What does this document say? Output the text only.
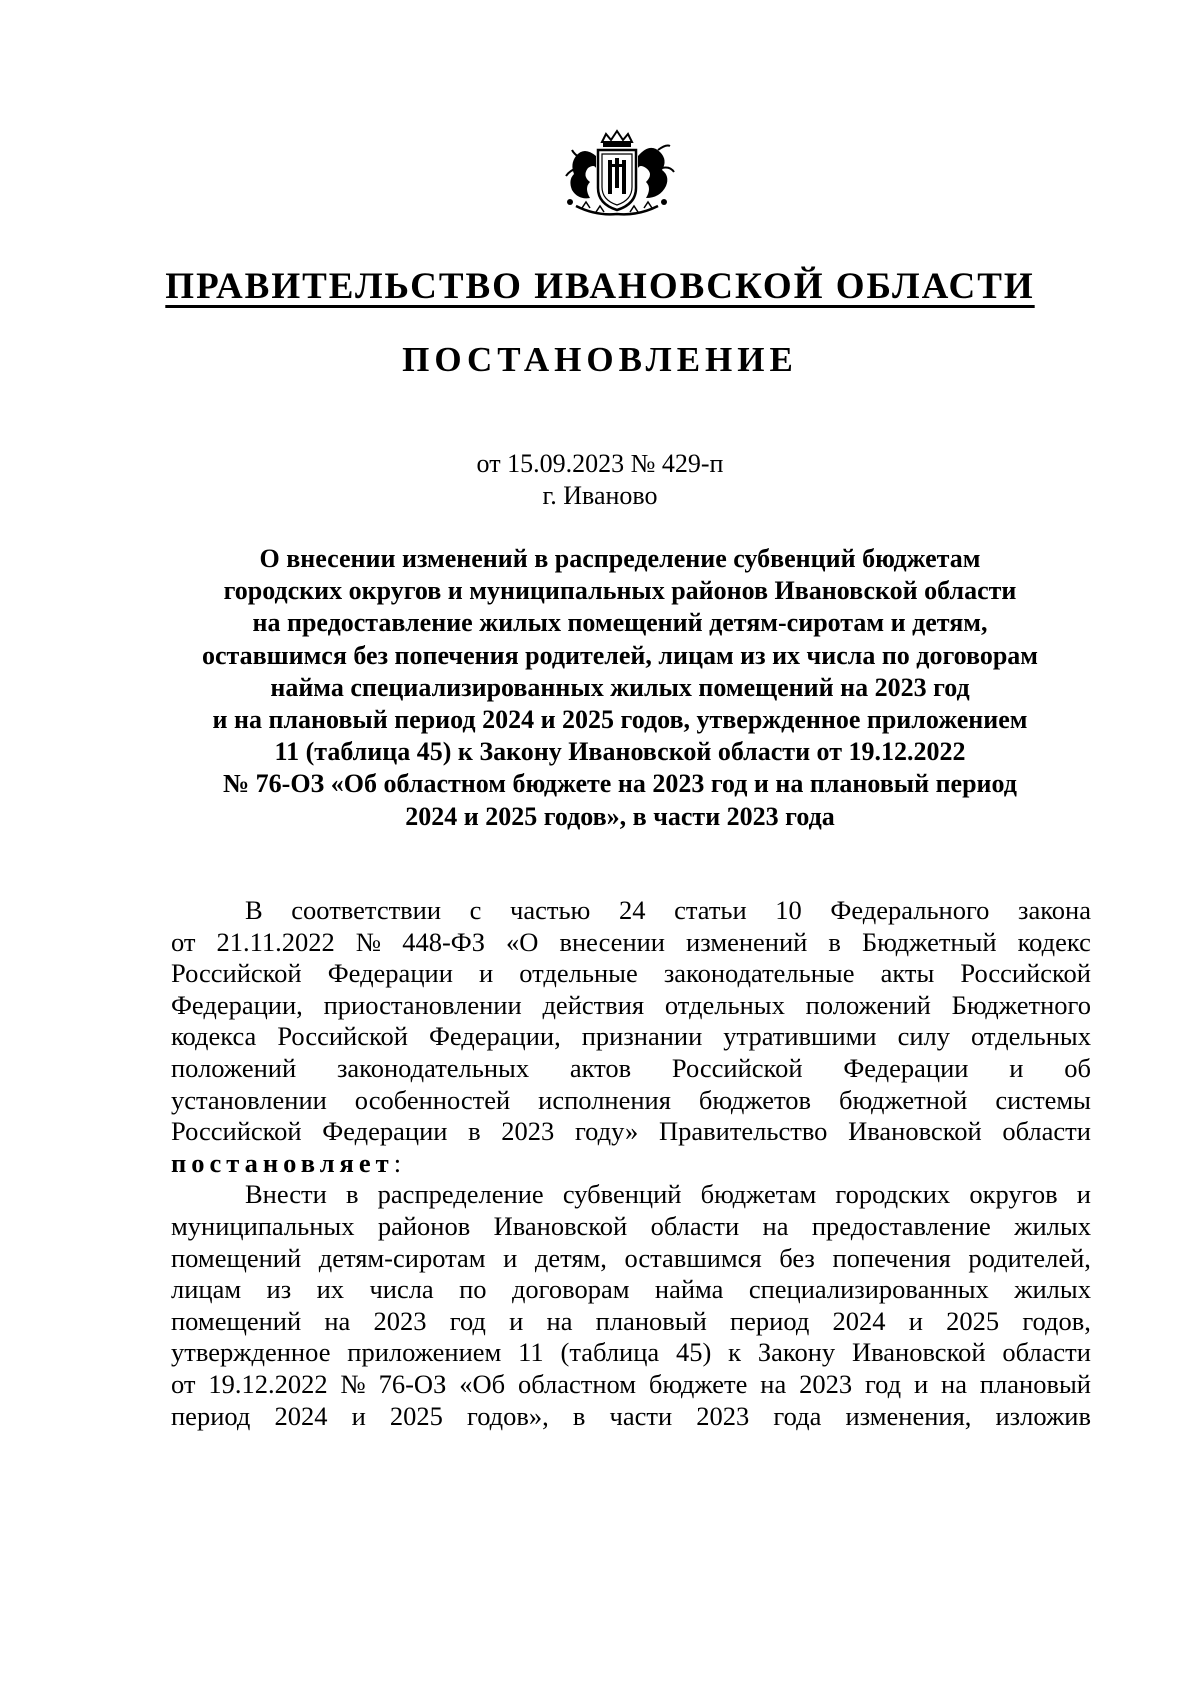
ПРАВИТЕЛЬСТВО ИВАНОВСКОЙ ОБЛАСТИ
ПОСТАНОВЛЕНИЕ
от 15.09.2023 № 429-п
г. Иваново
О внесении изменений в распределение субвенций бюджетам
городских округов и муниципальных районов Ивановской области
на предоставление жилых помещений детям-сиротам и детям,
оставшимся без попечения родителей, лицам из их числа по договорам
найма специализированных жилых помещений на 2023 год
и на плановый период 2024 и 2025 годов, утвержденное приложением
11 (таблица 45) к Закону Ивановской области от 19.12.2022
№ 76-ОЗ «Об областном бюджете на 2023 год и на плановый период
2024 и 2025 годов», в части 2023 года
В соответствии с частью 24 статьи 10 Федерального закона
от 21.11.2022 № 448-ФЗ «О внесении изменений в Бюджетный кодекс
Российской Федерации и отдельные законодательные акты Российской
Федерации, приостановлении действия отдельных положений Бюджетного
кодекса Российской Федерации, признании утратившими силу отдельных
положений законодательных актов Российской Федерации и об
установлении особенностей исполнения бюджетов бюджетной системы
Российской Федерации в 2023 году» Правительство Ивановской области
постановляет :
Внести в распределение субвенций бюджетам городских округов и
муниципальных районов Ивановской области на предоставление жилых
помещений детям-сиротам и детям, оставшимся без попечения родителей,
лицам из их числа по договорам найма специализированных жилых
помещений на 2023 год и на плановый период 2024 и 2025 годов,
утвержденное приложением 11 (таблица 45) к Закону Ивановской области
от 19.12.2022 № 76-ОЗ «Об областном бюджете на 2023 год и на плановый
период 2024 и 2025 годов», в части 2023 года изменения, изложив
